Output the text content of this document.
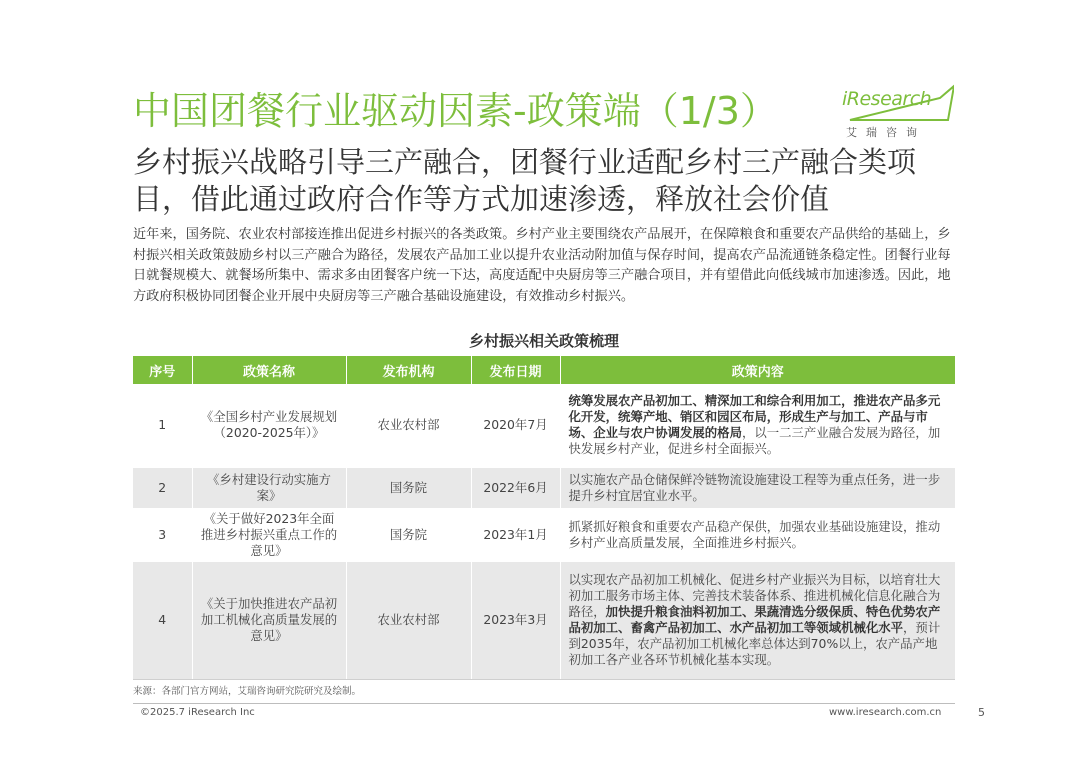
中国团餐行业驱动因素-政策端（1/3）	iResearch
艾瑞咨询
乡村振兴战略引导三产融合，团餐行业适配乡村三产融合类项目，借此通过政府合作等方式加速渗透，释放社会价值
近年来，国务院、农业农村部接连推出促进乡村振兴的各类政策。乡村产业主要围绕农产品展开，在保障粮食和重要农产品供给的基础上，乡村振兴相关政策鼓励乡村以三产融合为路径，发展农产品加工业以提升农业活动附加值与保存时间，提高农产品流通链条稳定性。团餐行业每日就餐规模大、就餐场所集中、需求多由团餐客户统一下达，高度适配中央厨房等三产融合项目，并有望借此向低线城市加速渗透。因此，地方政府积极协同团餐企业开展中央厨房等三产融合基础设施建设，有效推动乡村振兴。
乡村振兴相关政策梳理
序号	政策名称	发布机构	发布日期	政策内容
1	《全国乡村产业发展规划（2020-2025年）》	农业农村部	2020年7月	统筹发展农产品初加工、精深加工和综合利用加工，推进农产品多元化开发，统筹产地、销区和园区布局，形成生产与加工、产品与市场、企业与农户协调发展的格局，以一二三产业融合发展为路径，加快发展乡村产业，促进乡村全面振兴。
2	《乡村建设行动实施方案》	国务院	2022年6月	以实施农产品仓储保鲜冷链物流设施建设工程等为重点任务，进一步提升乡村宜居宜业水平。
3	《关于做好2023年全面推进乡村振兴重点工作的意见》	国务院	2023年1月	抓紧抓好粮食和重要农产品稳产保供，加强农业基础设施建设，推动乡村产业高质量发展，全面推进乡村振兴。
4	《关于加快推进农产品初加工机械化高质量发展的意见》	农业农村部	2023年3月	以实现农产品初加工机械化、促进乡村产业振兴为目标，以培育壮大初加工服务市场主体、完善技术装备体系、推进机械化信息化融合为路径，加快提升粮食油料初加工、果蔬清选分级保质、特色优势农产品初加工、畜禽产品初加工、水产品初加工等领域机械化水平，预计到2035年，农产品初加工机械化率总体达到70%以上，农产品产地初加工各产业各环节机械化基本实现。
来源：各部门官方网站，艾瑞咨询研究院研究及绘制。
©2025.7 iResearch Inc	www.iresearch.com.cn	5
